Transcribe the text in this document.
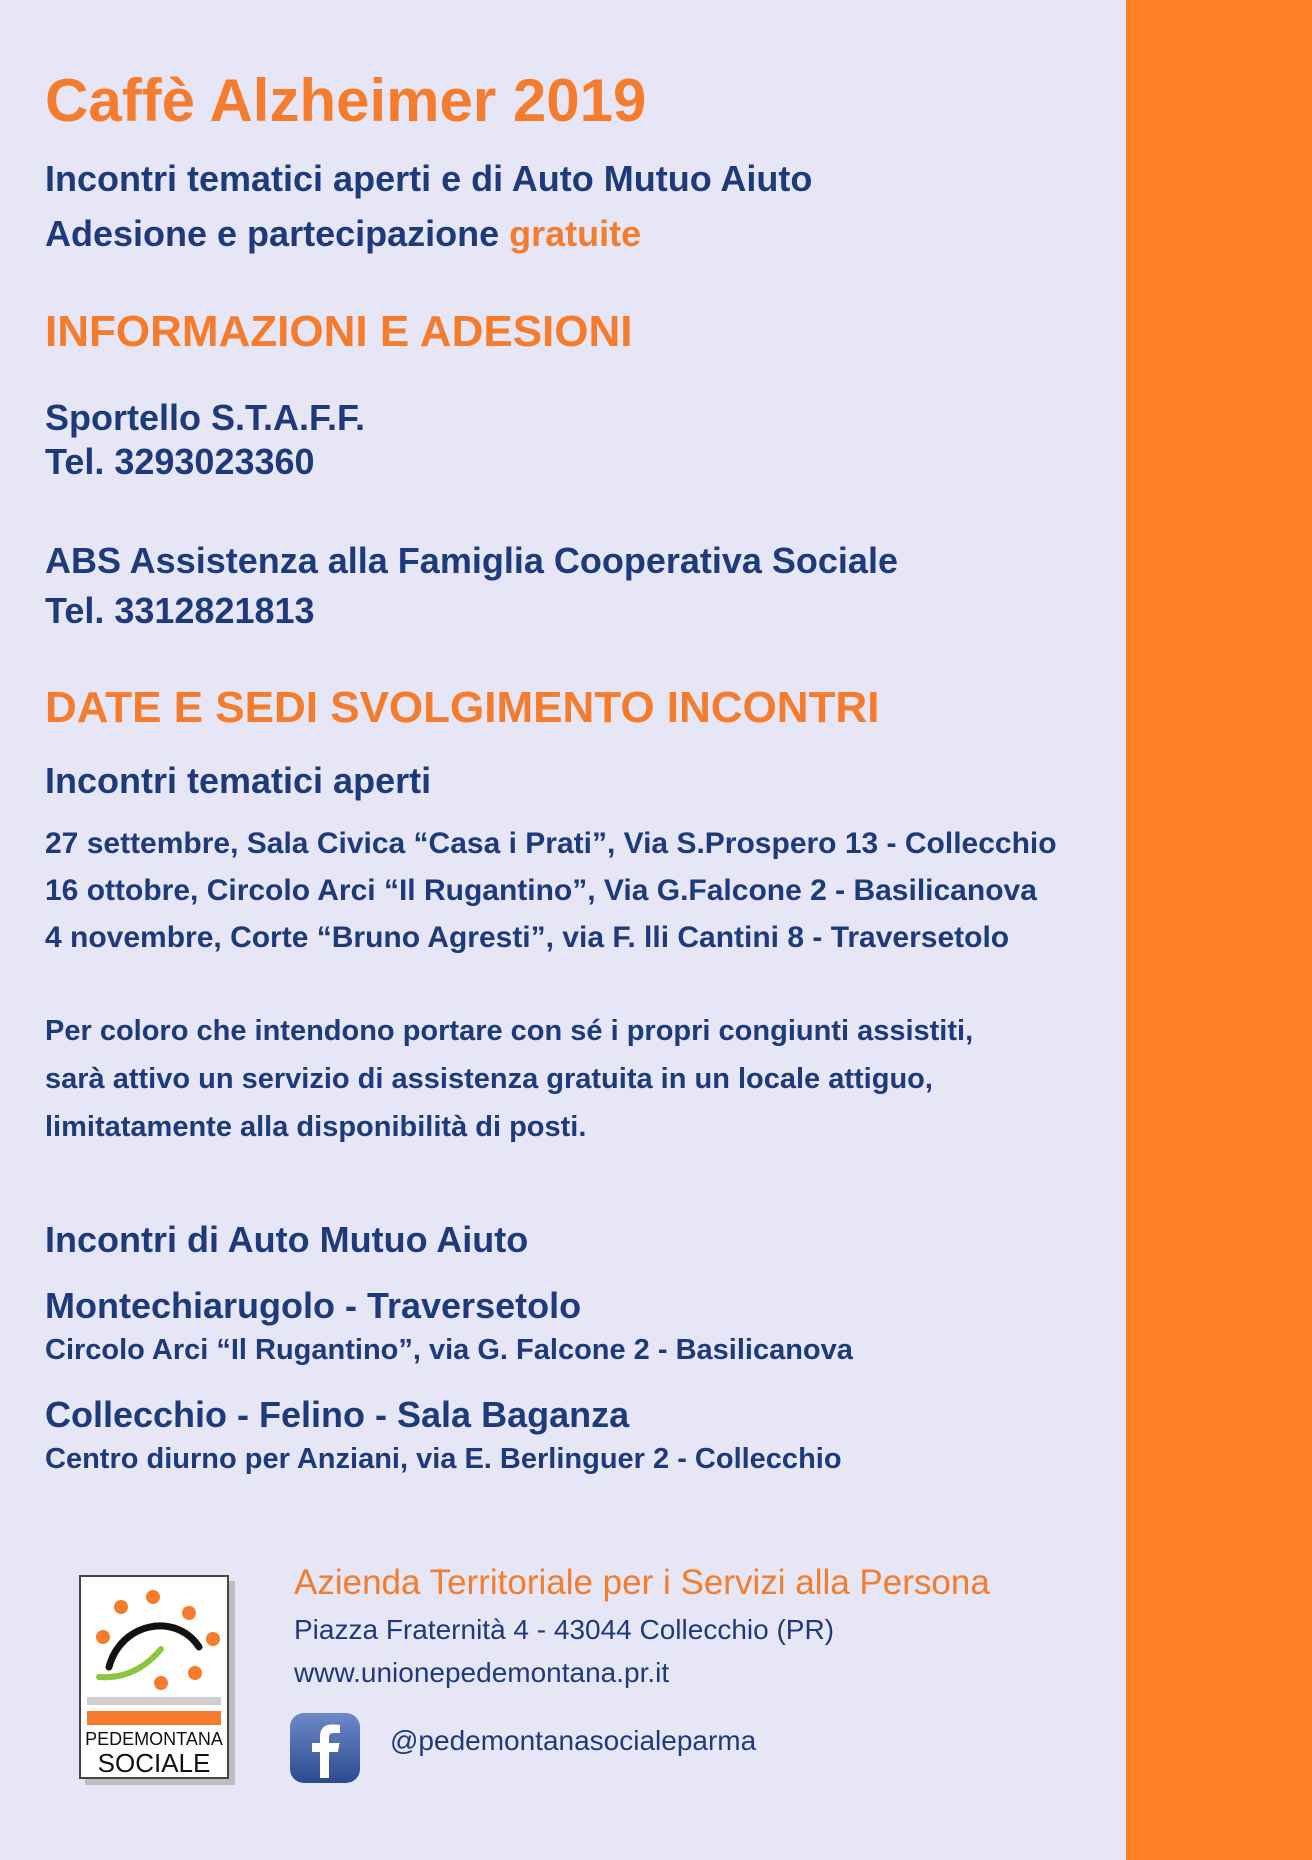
Caffè Alzheimer 2019
Incontri tematici aperti e di Auto Mutuo Aiuto
Adesione e partecipazione gratuite
INFORMAZIONI E ADESIONI
Sportello S.T.A.F.F.
Tel. 3293023360
ABS Assistenza alla Famiglia Cooperativa Sociale
Tel. 3312821813
DATE E SEDI SVOLGIMENTO INCONTRI
Incontri tematici aperti

27 settembre, Sala Civica “Casa i Prati”, Via S.Prospero 13 - Collecchio

16 ottobre, Circolo Arci “Il Rugantino”, Via G.Falcone 2 - Basilicanova

4 novembre, Corte “Bruno Agresti”, via F. lli Cantini 8 - Traversetolo

Per coloro che intendono portare con sé i propri congiunti assistiti,

sarà attivo un servizio di assistenza gratuita in un locale attiguo,

limitatamente alla disponibilità di posti.

Incontri di Auto Mutuo Aiuto
Montechiarugolo - Traversetolo
Circolo Arci “Il Rugantino”, via G. Falcone 2 - Basilicanova
Collecchio - Felino - Sala Baganza
Centro diurno per Anziani, via E. Berlinguer 2 - Collecchio
PEDEMONTANA
SOCIALE
Azienda Territoriale per i Servizi alla Persona
Piazza Fraternità 4 - 43044 Collecchio (PR)
www.unionepedemontana.pr.it
@pedemontanasocialeparma
